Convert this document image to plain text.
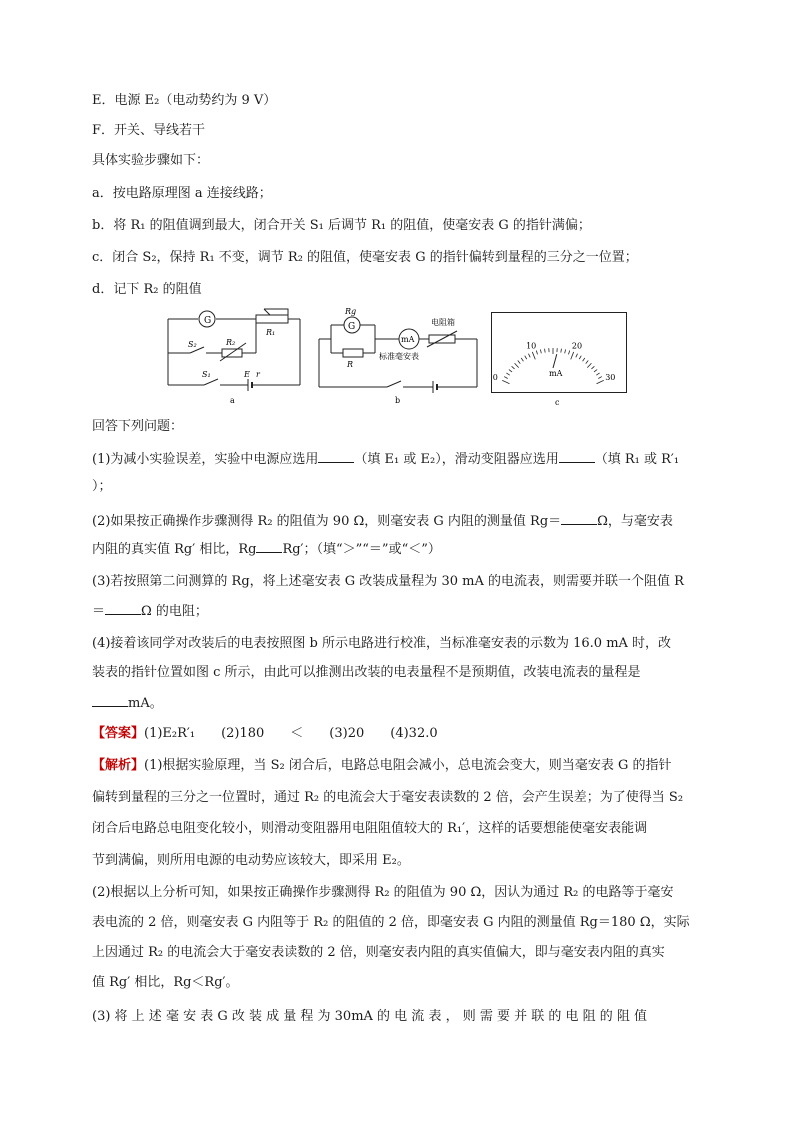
E．电源 E₂（电动势约为 9 V）
F．开关、导线若干
具体实验步骤如下：
a．按电路原理图 a 连接线路；
b．将 R₁ 的阻值调到最大，闭合开关 S₁ 后调节 R₁ 的阻值，使毫安表 G 的指针满偏；
c．闭合 S₂，保持 R₁ 不变，调节 R₂ 的阻值，使毫安表 G 的指针偏转到量程的三分之一位置；
d．记下 R₂ 的阻值
G
R₁
R₂
S₂
S₁	E r
a
G
Rg
R
mA
电阻箱
标准毫安表
b
0
10	20
30
mA
c
回答下列问题：
(1)为减小实验误差，实验中电源应选用	（填 E₁ 或 E₂），滑动变阻器应选用	（填 R₁ 或 R′₁
）；
(2)如果按正确操作步骤测得 R₂ 的阻值为 90 Ω，则毫安表 G 内阻的测量值 Rg＝	Ω，与毫安表
内阻的真实值 Rg′ 相比，Rg Rg′；（填“＞”“＝”或“＜”）
(3)若按照第二问测算的 Rg，将上述毫安表 G 改装成量程为 30 mA 的电流表，则需要并联一个阻值 R
＝	Ω 的电阻；
(4)接着该同学对改装后的电表按照图 b 所示电路进行校准，当标准毫安表的示数为 16.0 mA 时，改
装表的指针位置如图 c 所示，由此可以推测出改装的电表量程不是预期值，改装电流表的量程是
mA。
【答案】(1)E₂R′₁　　(2)180　　＜　　(3)20　　(4)32.0
【解析】(1)根据实验原理，当 S₂ 闭合后，电路总电阻会减小，总电流会变大，则当毫安表 G 的指针
偏转到量程的三分之一位置时，通过 R₂ 的电流会大于毫安表读数的 2 倍，会产生误差；为了使得当 S₂
闭合后电路总电阻变化较小，则滑动变阻器用电阻阻值较大的 R₁′，这样的话要想能使毫安表能调
节到满偏，则所用电源的电动势应该较大，即采用 E₂。
(2)根据以上分析可知，如果按正确操作步骤测得 R₂ 的阻值为 90 Ω，因认为通过 R₂ 的电路等于毫安
表电流的 2 倍，则毫安表 G 内阻等于 R₂ 的阻值的 2 倍，即毫安表 G 内阻的测量值 Rg＝180 Ω，实际
上因通过 R₂ 的电流会大于毫安表读数的 2 倍，则毫安表内阻的真实值偏大，即与毫安表内阻的真实
值 Rg′ 相比，Rg＜Rg′。
(3) 将 上 述 毫 安 表 G 改 装 成 量 程 为 30mA 的 电 流 表 ， 则 需 要 并 联 的 电 阻 的 阻 值
